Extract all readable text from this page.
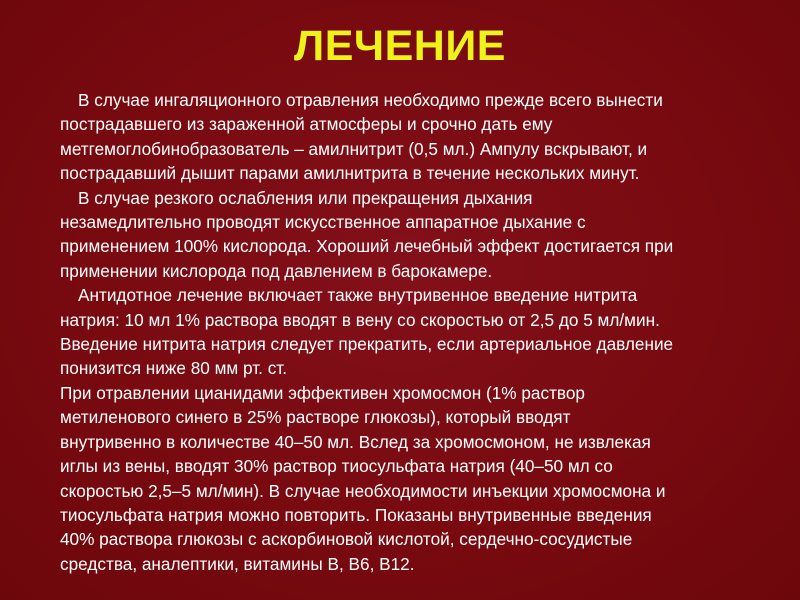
ЛЕЧЕНИЕ
В случае ингаляционного отравления необходимо прежде всего вынести
пострадавшего из зараженной атмосферы и срочно дать ему
метгемоглобинобразователь – амилнитрит (0,5 мл.) Ампулу вскрывают, и
пострадавший дышит парами амилнитрита в течение нескольких минут.
В случае резкого ослабления или прекращения дыхания
незамедлительно проводят искусственное аппаратное дыхание с
применением 100% кислорода. Хороший лечебный эффект достигается при
применении кислорода под давлением в барокамере.
Антидотное лечение включает также внутривенное введение нитрита
натрия: 10 мл 1% раствора вводят в вену со скоростью от 2,5 до 5 мл/мин.
Введение нитрита натрия следует прекратить, если артериальное давление
понизится ниже 80 мм рт. ст.
При отравлении цианидами эффективен хромосмон (1% раствор
метиленового синего в 25% растворе глюкозы), который вводят
внутривенно в количестве 40–50 мл. Вслед за хромосмоном, не извлекая
иглы из вены, вводят 30% раствор тиосульфата натрия (40–50 мл со
скоростью 2,5–5 мл/мин). В случае необходимости инъекции хромосмона и
тиосульфата натрия можно повторить. Показаны внутривенные введения
40% раствора глюкозы с аскорбиновой кислотой, сердечно-сосудистые
средства, аналептики, витамины В, В6, В12.
